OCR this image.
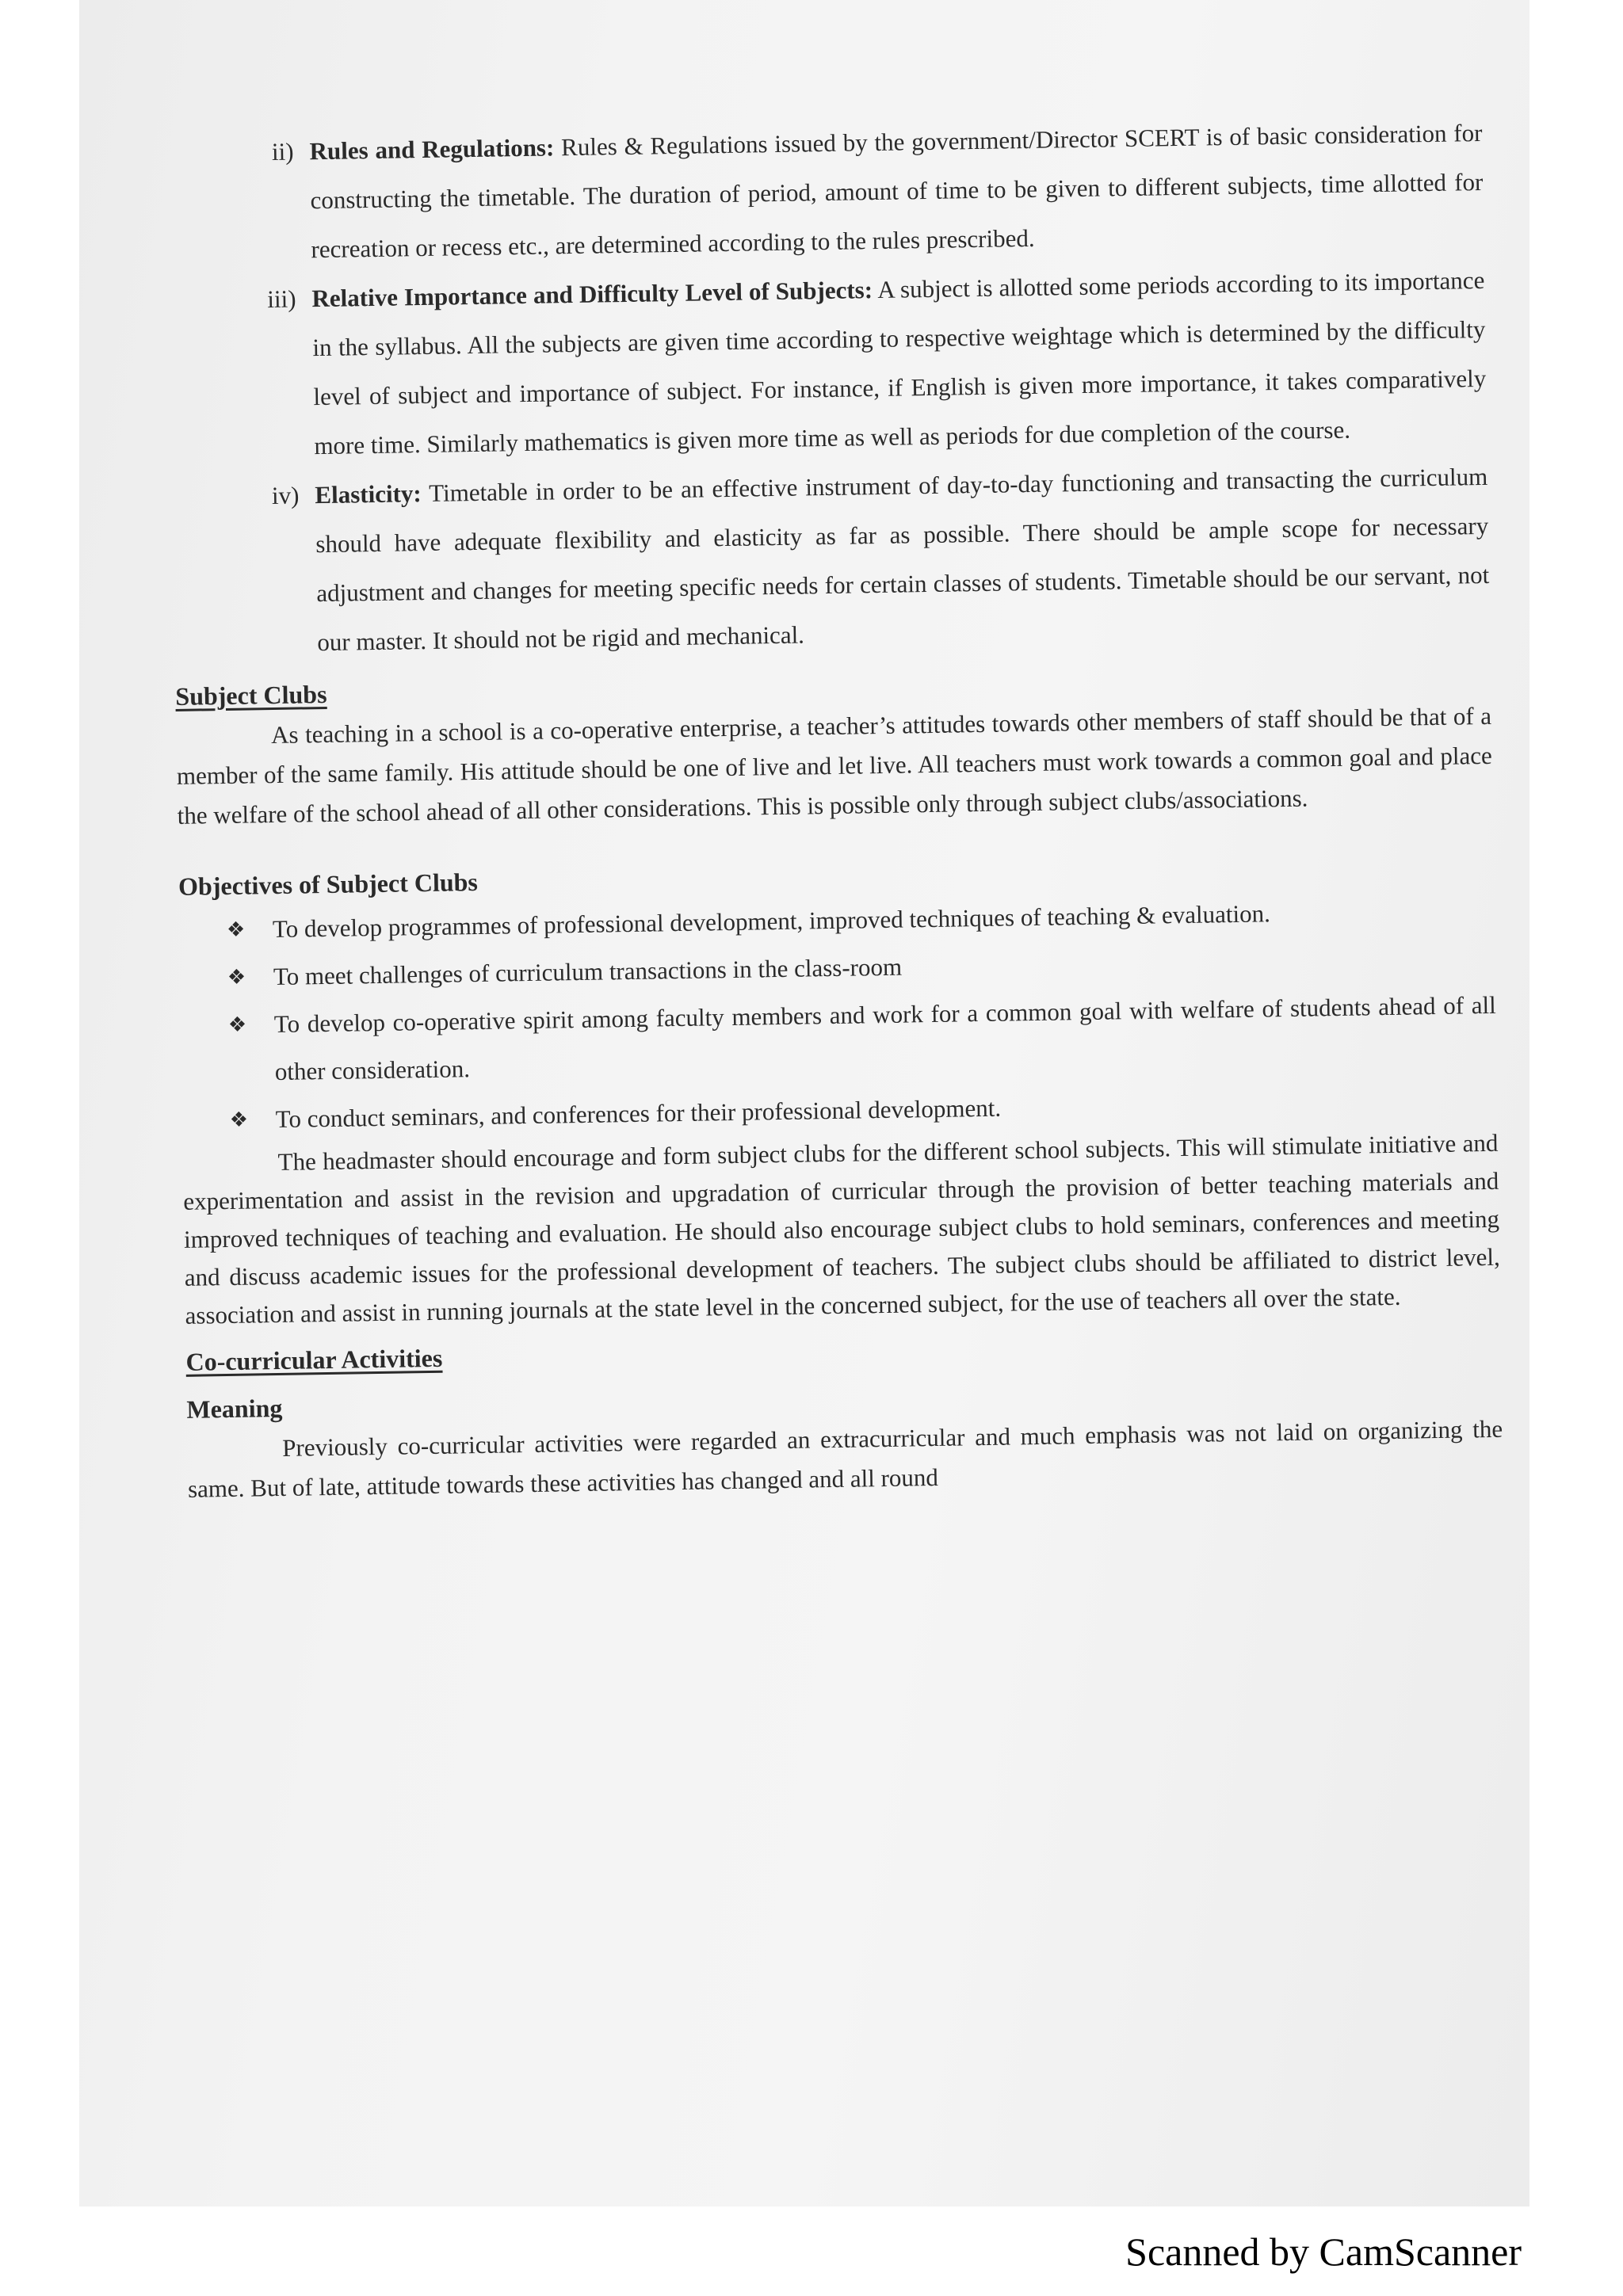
ii) Rules and Regulations: Rules & Regulations issued by the government/Director SCERT is of basic consideration for constructing the timetable. The duration of period, amount of time to be given to different subjects, time allotted for recreation or recess etc., are determined according to the rules prescribed.
iii) Relative Importance and Difficulty Level of Subjects: A subject is allotted some periods according to its importance in the syllabus. All the subjects are given time according to respective weightage which is determined by the difficulty level of subject and importance of subject. For instance, if English is given more importance, it takes comparatively more time. Similarly mathematics is given more time as well as periods for due completion of the course.
iv) Elasticity: Timetable in order to be an effective instrument of day-to-day functioning and transacting the curriculum should have adequate flexibility and elasticity as far as possible. There should be ample scope for necessary adjustment and changes for meeting specific needs for certain classes of students. Timetable should be our servant, not our master. It should not be rigid and mechanical.
Subject Clubs
As teaching in a school is a co-operative enterprise, a teacher’s attitudes towards other members of staff should be that of a member of the same family. His attitude should be one of live and let live. All teachers must work towards a common goal and place the welfare of the school ahead of all other considerations. This is possible only through subject clubs/associations.
Objectives of Subject Clubs
❖ To develop programmes of professional development, improved techniques of teaching & evaluation.
❖ To meet challenges of curriculum transactions in the class-room
❖ To develop co-operative spirit among faculty members and work for a common goal with welfare of students ahead of all other consideration.
❖ To conduct seminars, and conferences for their professional development.
The headmaster should encourage and form subject clubs for the different school subjects. This will stimulate initiative and experimentation and assist in the revision and upgradation of curricular through the provision of better teaching materials and improved techniques of teaching and evaluation. He should also encourage subject clubs to hold seminars, conferences and meeting and discuss academic issues for the professional development of teachers. The subject clubs should be affiliated to district level, association and assist in running journals at the state level in the concerned subject, for the use of teachers all over the state.
Co-curricular Activities
Meaning
Previously co-curricular activities were regarded an extracurricular and much emphasis was not laid on organizing the same. But of late, attitude towards these activities has changed and all round
Scanned by CamScanner
